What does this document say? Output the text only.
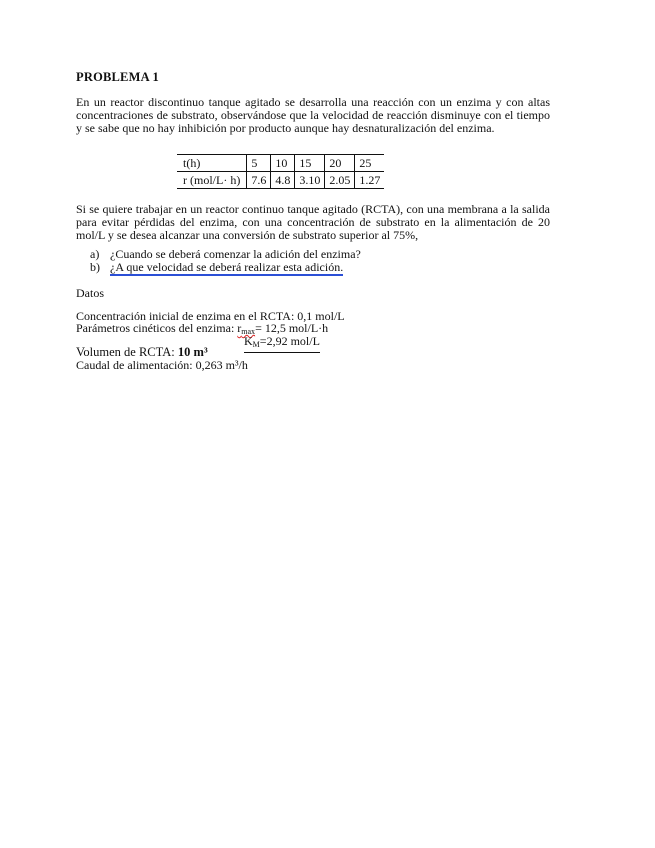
PROBLEMA 1
En un reactor discontinuo tanque agitado se desarrolla una reacción con un enzima y con altas concentraciones de substrato, observándose que la velocidad de reacción disminuye con el tiempo y se sabe que no hay inhibición por producto aunque hay desnaturalización del enzima.
t(h)	5	10	15	20	25
r (mol/L· h)	7.6	4.8	3.10	2.05	1.27
Si se quiere trabajar en un reactor continuo tanque agitado (RCTA), con una membrana a la salida para evitar pérdidas del enzima, con una concentración de substrato en la alimentación de 20 mol/L y se desea alcanzar una conversión de substrato superior al 75%,
a) ¿Cuando se deberá comenzar la adición del enzima?
b) ¿A que velocidad se deberá realizar esta adición.
Datos
Concentración inicial de enzima en el RCTA: 0,1 mol/L
Parámetros cinéticos del enzima: rmax= 12,5 mol/L·h
KM=2,92 mol/L
Volumen de RCTA: 10 m³
Caudal de alimentación: 0,263 m³/h
